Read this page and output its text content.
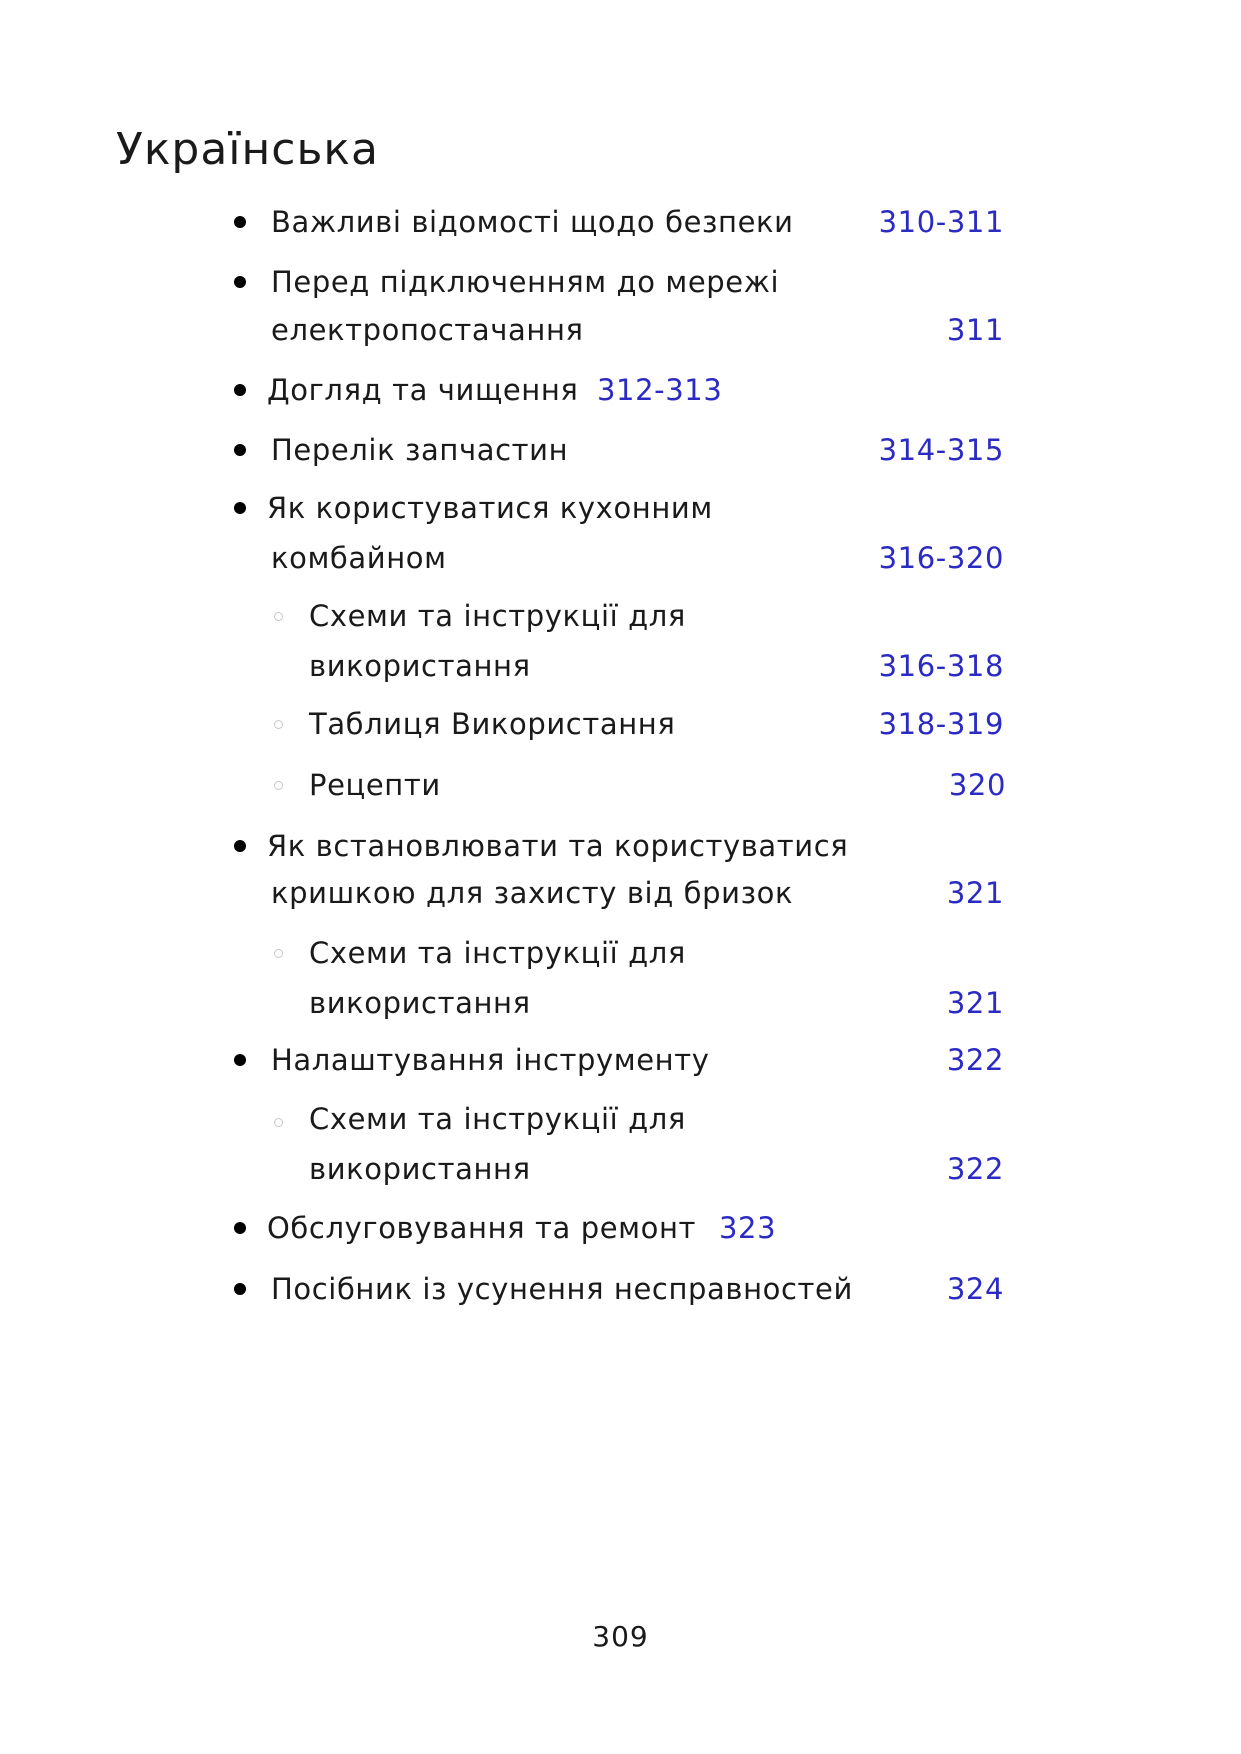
Українська
Важливі відомості щодо безпеки	310-311
Перед підключенням до мережі
електропостачання	311
Догляд та чищення 312-313
Перелік запчастин	314-315
Як користуватися кухонним
комбайном	316-320
Схеми та інструкції для
використання	316-318
Таблиця Використання	318-319
Рецепти	320
Як встановлювати та користуватися
кришкою для захисту від бризок	321
Схеми та інструкції для
використання	321
Налаштування інструменту	322
Схеми та інструкції для
використання	322
Обслуговування та ремонт 323
Посібник із усунення несправностей	324
309
